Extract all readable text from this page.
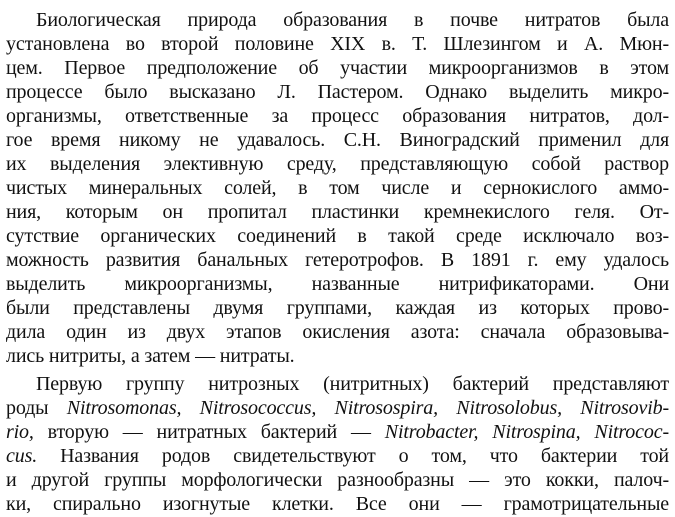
Биологическая природа образования в почве нитратов была
установлена во второй половине XIX в. Т. Шлезингом и А. Мюн-
цем. Первое предположение об участии микроорганизмов в этом
процессе было высказано Л. Пастером. Однако выделить микро-
организмы, ответственные за процесс образования нитратов, дол-
гое время никому не удавалось. С.Н. Виноградский применил для
их выделения элективную среду, представляющую собой раствор
чистых минеральных солей, в том числе и сернокислого аммо-
ния, которым он пропитал пластинки кремнекислого геля. От-
сутствие органических соединений в такой среде исключало воз-
можность развития банальных гетеротрофов. В 1891 г. ему удалось
выделить микроорганизмы, названные нитрификаторами. Они
были представлены двумя группами, каждая из которых прово-
дила один из двух этапов окисления азота: сначала образовыва-
лись нитриты, а затем — нитраты.
Первую группу нитрозных (нитритных) бактерий представляют
роды Nitrosomonas, Nitrosococcus, Nitrosospira, Nitrosolobus, Nitrosovib-
rio, вторую — нитратных бактерий — Nitrobacter, Nitrospina, Nitrococ-
cus. Названия родов свидетельствуют о том, что бактерии той
и другой группы морфологически разнообразны — это кокки, палоч-
ки, спирально изогнутые клетки. Все они — грамотрицательные
